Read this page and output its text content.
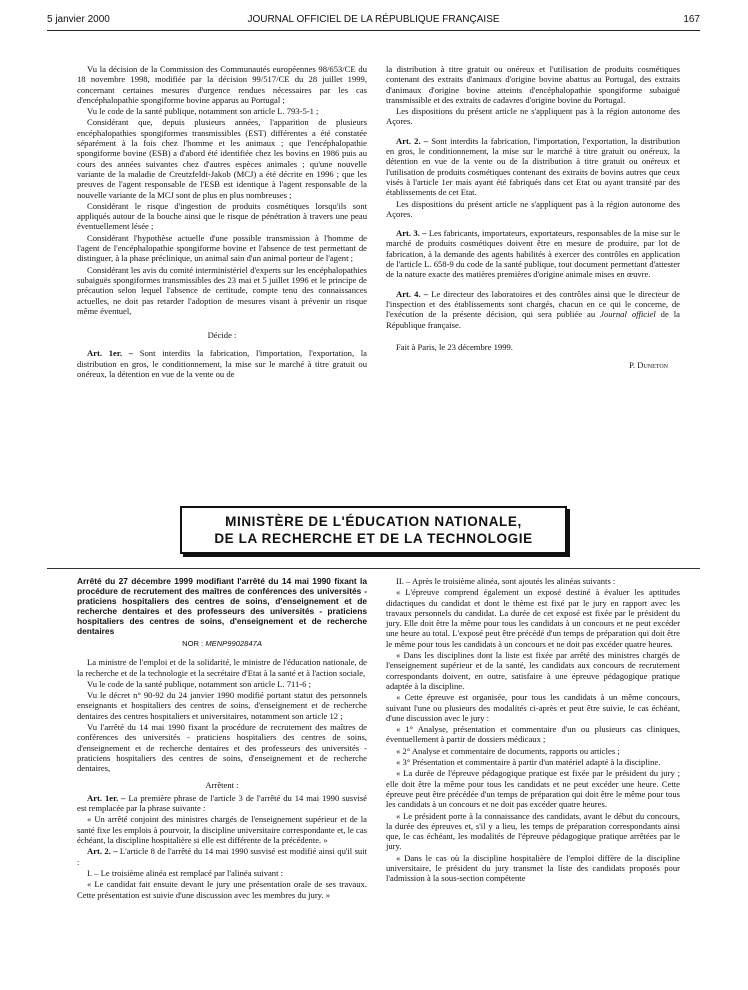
5 janvier 2000	JOURNAL OFFICIEL DE LA RÉPUBLIQUE FRANÇAISE	167

Vu la décision de la Commission des Communautés européennes 98/653/CE du 18 novembre 1998, modifiée par la décision 99/517/CE du 28 juillet 1999, concernant certaines mesures d'urgence rendues nécessaires par les cas d'encéphalopathie spongiforme bovine apparus au Portugal ;

Vu le code de la santé publique, notamment son article L. 793-5-1 ;

Considérant que, depuis plusieurs années, l'apparition de plusieurs encéphalopathies spongiformes transmissibles (EST) différentes a été constatée séparément à la fois chez l'homme et les animaux ; que l'encéphalopathie spongiforme bovine (ESB) a d'abord été identifiée chez les bovins en 1986 puis au cours des années suivantes chez d'autres espèces animales ; qu'une nouvelle variante de la maladie de Creutzfeldt-Jakob (MCJ) a été décrite en 1996 ; que les preuves de l'agent responsable de l'ESB est identique à l'agent responsable de la nouvelle variante de la MCJ sont de plus en plus nombreuses ;

Considérant le risque d'ingestion de produits cosmétiques lorsqu'ils sont appliqués autour de la bouche ainsi que le risque de pénétration à travers une peau éventuellement lésée ;

Considérant l'hypothèse actuelle d'une possible transmission à l'homme de l'agent de l'encéphalopathie spongiforme bovine et l'absence de test permettant de distinguer, à la phase préclinique, un animal sain d'un animal porteur de l'agent ;

Considérant les avis du comité interministériel d'experts sur les encéphalopathies subaiguës spongiformes transmissibles des 23 mai et 5 juillet 1996 et le principe de précaution selon lequel l'absence de certitude, compte tenu des connaissances actuelles, ne doit pas retarder l'adoption de mesures visant à prévenir un risque même éventuel,

Décide :

Art. 1er. – Sont interdits la fabrication, l'importation, l'exportation, la distribution en gros, le conditionnement, la mise sur le marché à titre gratuit ou onéreux, la détention en vue de la vente ou de

la distribution à titre gratuit ou onéreux et l'utilisation de produits cosmétiques contenant des extraits d'animaux d'origine bovine abattus au Portugal, des extraits d'animaux d'origine bovine atteints d'encéphalopathie spongiforme subaiguë transmissible et des extraits de cadavres d'origine bovine du Portugal.

Les dispositions du présent article ne s'appliquent pas à la région autonome des Açores.

Art. 2. – Sont interdits la fabrication, l'importation, l'exportation, la distribution en gros, le conditionnement, la mise sur le marché à titre gratuit ou onéreux, la détention en vue de la vente ou de la distribution à titre gratuit ou onéreux et l'utilisation de produits cosmétiques contenant des extraits de bovins autres que ceux visés à l'article 1er mais ayant été fabriqués dans cet Etat ou ayant transité par des établissements de cet Etat.

Les dispositions du présent article ne s'appliquent pas à la région autonome des Açores.

Art. 3. – Les fabricants, importateurs, exportateurs, responsables de la mise sur le marché de produits cosmétiques doivent être en mesure de produire, par lot de fabrication, à la demande des agents habilités à exercer des contrôles en application de l'article L. 658-9 du code de la santé publique, tout document permettant d'attester de la nature exacte des matières premières d'origine animale mises en œuvre.

Art. 4. – Le directeur des laboratoires et des contrôles ainsi que le directeur de l'inspection et des établissements sont chargés, chacun en ce qui le concerne, de l'exécution de la présente décision, qui sera publiée au Journal officiel de la République française.

Fait à Paris, le 23 décembre 1999.

P. Duneton

MINISTÈRE DE L'ÉDUCATION NATIONALE,
DE LA RECHERCHE ET DE LA TECHNOLOGIE

Arrêté du 27 décembre 1999 modifiant l'arrêté du 14 mai 1990 fixant la procédure de recrutement des maîtres de conférences des universités - praticiens hospitaliers des centres de soins, d'enseignement et de recherche dentaires et des professeurs des universités - praticiens hospitaliers des centres de soins, d'enseignement et de recherche dentaires

NOR : MENP9902847A

La ministre de l'emploi et de la solidarité, le ministre de l'éducation nationale, de la recherche et de la technologie et la secrétaire d'Etat à la santé et à l'action sociale,

Vu le code de la santé publique, notamment son article L. 711-6 ;

Vu le décret n° 90-92 du 24 janvier 1990 modifié portant statut des personnels enseignants et hospitaliers des centres de soins, d'enseignement et de recherche dentaires des centres hospitaliers et universitaires, notamment son article 12 ;

Vu l'arrêté du 14 mai 1990 fixant la procédure de recrutement des maîtres de conférences des universités - praticiens hospitaliers des centres de soins, d'enseignement et de recherche dentaires et des professeurs des universités - praticiens hospitaliers des centres de soins, d'enseignement et de recherche dentaires,

Arrêtent :

Art. 1er. – La première phrase de l'article 3 de l'arrêté du 14 mai 1990 susvisé est remplacée par la phrase suivante :

« Un arrêté conjoint des ministres chargés de l'enseignement supérieur et de la santé fixe les emplois à pourvoir, la discipline universitaire correspondante et, le cas échéant, la discipline hospitalière si elle est différente de la précédente. »

Art. 2. – L'article 8 de l'arrêté du 14 mai 1990 susvisé est modifié ainsi qu'il suit :

I. – Le troisième alinéa est remplacé par l'alinéa suivant :

« Le candidat fait ensuite devant le jury une présentation orale de ses travaux. Cette présentation est suivie d'une discussion avec les membres du jury. »

II. – Après le troisième alinéa, sont ajoutés les alinéas suivants :

« L'épreuve comprend également un exposé destiné à évaluer les aptitudes didactiques du candidat et dont le thème est fixé par le jury en rapport avec les travaux personnels du candidat. La durée de cet exposé est fixée par le président du jury. Elle doit être la même pour tous les candidats à un concours et ne peut excéder une heure au total. L'exposé peut être précédé d'un temps de préparation qui doit être le même pour tous les candidats à un concours et ne doit pas excéder quatre heures.

« Dans les disciplines dont la liste est fixée par arrêté des ministres chargés de l'enseignement supérieur et de la santé, les candidats aux concours de recrutement correspondants doivent, en outre, satisfaire à une épreuve pédagogique pratique adaptée à la discipline.

« Cette épreuve est organisée, pour tous les candidats à un même concours, suivant l'une ou plusieurs des modalités ci-après et peut être suivie, le cas échéant, d'une discussion avec le jury :

« 1° Analyse, présentation et commentaire d'un ou plusieurs cas cliniques, éventuellement à partir de dossiers médicaux ;

« 2° Analyse et commentaire de documents, rapports ou articles ;

« 3° Présentation et commentaire à partir d'un matériel adapté à la discipline.

« La durée de l'épreuve pédagogique pratique est fixée par le président du jury ; elle doit être la même pour tous les candidats et ne peut excéder une heure. Cette épreuve peut être précédée d'un temps de préparation qui doit être le même pour tous les candidats à un concours et ne doit pas excéder quatre heures.

« Le président porte à la connaissance des candidats, avant le début du concours, la durée des épreuves et, s'il y a lieu, les temps de préparation correspondants ainsi que, le cas échéant, les modalités de l'épreuve pédagogique pratique arrêtées par le jury.

« Dans le cas où la discipline hospitalière de l'emploi diffère de la discipline universitaire, le président du jury transmet la liste des candidats proposés pour l'admission à la sous-section compétente
